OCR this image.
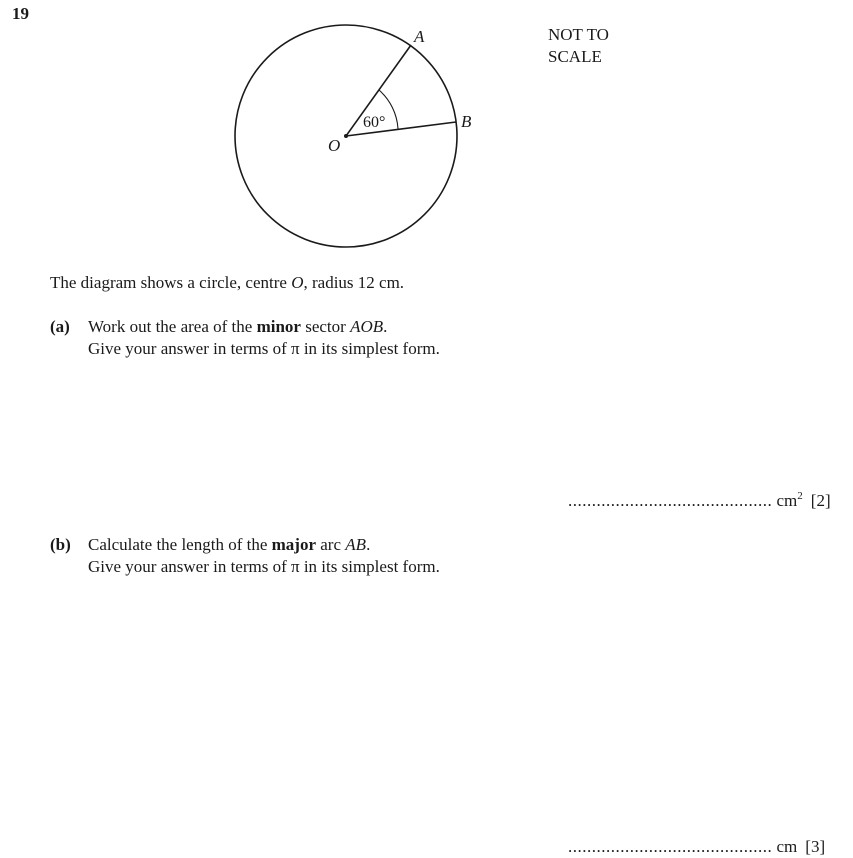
19
60°
A
B
O
NOT TO
SCALE
The diagram shows a circle, centre O, radius 12 cm.
(a) Work out the area of the minor sector AOB.
Give your answer in terms of π in its simplest form.
........................................... $cm^2$ [2]
(b) Calculate the length of the major arc AB.
Give your answer in terms of π in its simplest form.
........................................... cm [3]
